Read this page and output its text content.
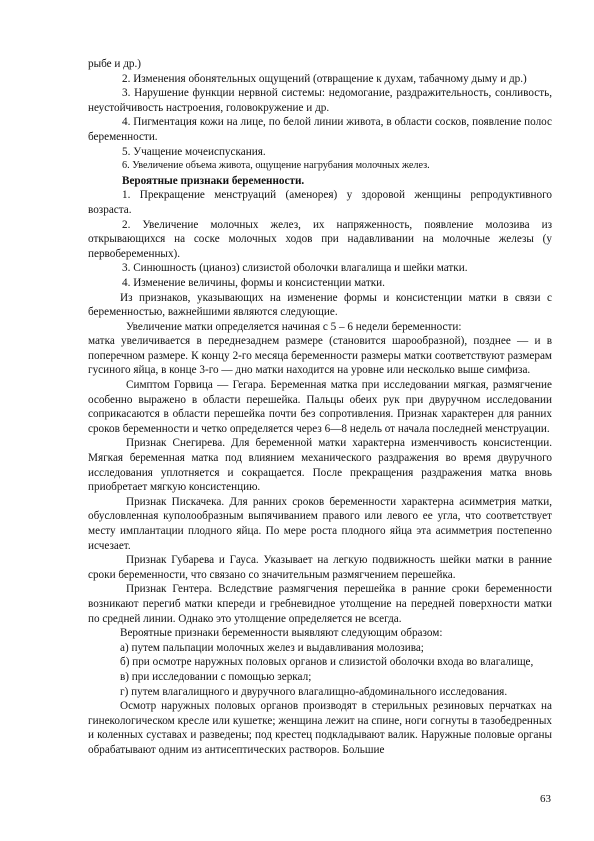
рыбе и др.)

2. Изменения обонятельных ощущений (отвращение к духам, табачному дыму и др.)

3. Нарушение функции нервной системы: недомогание, раздражительность, сонливость, неустойчивость настроения, головокружение и др.

4. Пигментация кожи на лице, по белой линии живота, в области сосков, появление полос беременности.

5. Учащение мочеиспускания.

6. Увеличение объема живота, ощущение нагрубания молочных желез.

Вероятные признаки беременности.

1. Прекращение менструаций (аменорея) у здоровой женщины репродуктивного возраста.

2. Увеличение молочных желез, их напряженность, появление молозива из открывающихся на соске молочных ходов при надавливании на молочные железы (у первобеременных).

3. Синюшность (цианоз) слизистой оболочки влагалища и шейки матки.

4. Изменение величины, формы и консистенции матки.

Из признаков, указывающих на изменение формы и консистенции матки в связи с беременностью, важнейшими являются следующие.

Увеличение матки определяется начиная с 5 – 6 недели беременности:

матка увеличивается в переднезаднем размере (становится шарообразной), позднее — и в поперечном размере. К концу 2-го месяца беременности размеры матки соответствуют размерам гусиного яйца, в конце 3-го — дно матки находится на уровне или несколько выше симфиза.

Симптом Горвица — Гегара. Беременная матка при исследовании мягкая, размягчение особенно выражено в области перешейка. Пальцы обеих рук при двуручном исследовании соприкасаются в области перешейка почти без сопротивления. Признак характерен для ранних сроков беременности и четко определяется через 6—8 недель от начала последней менструации.

Признак Снегирева. Для беременной матки характерна изменчивость консистенции. Мягкая беременная матка под влиянием механического раздражения во время двуручного исследования уплотняется и сокращается. После прекращения раздражения матка вновь приобретает мягкую консистенцию.

Признак Пискачека. Для ранних сроков беременности характерна асимметрия матки, обусловленная куполообразным выпячиванием правого или левого ее угла, что соответствует месту имплантации плодного яйца. По мере роста плодного яйца эта асимметрия постепенно исчезает.

Признак Губарева и Гауса. Указывает на легкую подвижность шейки матки в ранние сроки беременности, что связано со значительным размягчением перешейка.

Признак Гентера. Вследствие размягчения перешейка в ранние сроки беременности возникают перегиб матки кпереди и гребневидное утолщение на передней поверхности матки по средней линии. Однако это утолщение определяется не всегда.

Вероятные признаки беременности выявляют следующим образом:

а) путем пальпации молочных желез и выдавливания молозива;

б) при осмотре наружных половых органов и слизистой оболочки входа во влагалище,

в) при исследовании с помощью зеркал;

г) путем влагалищного и двуручного влагалищно-абдоминального исследования.

Осмотр наружных половых органов производят в стерильных резиновых перчатках на гинекологическом кресле или кушетке; женщина лежит на спине, ноги согнуты в тазобедренных и коленных суставах и разведены; под крестец подкладывают валик. Наружные половые органы обрабатывают одним из антисептических растворов. Большие

63
